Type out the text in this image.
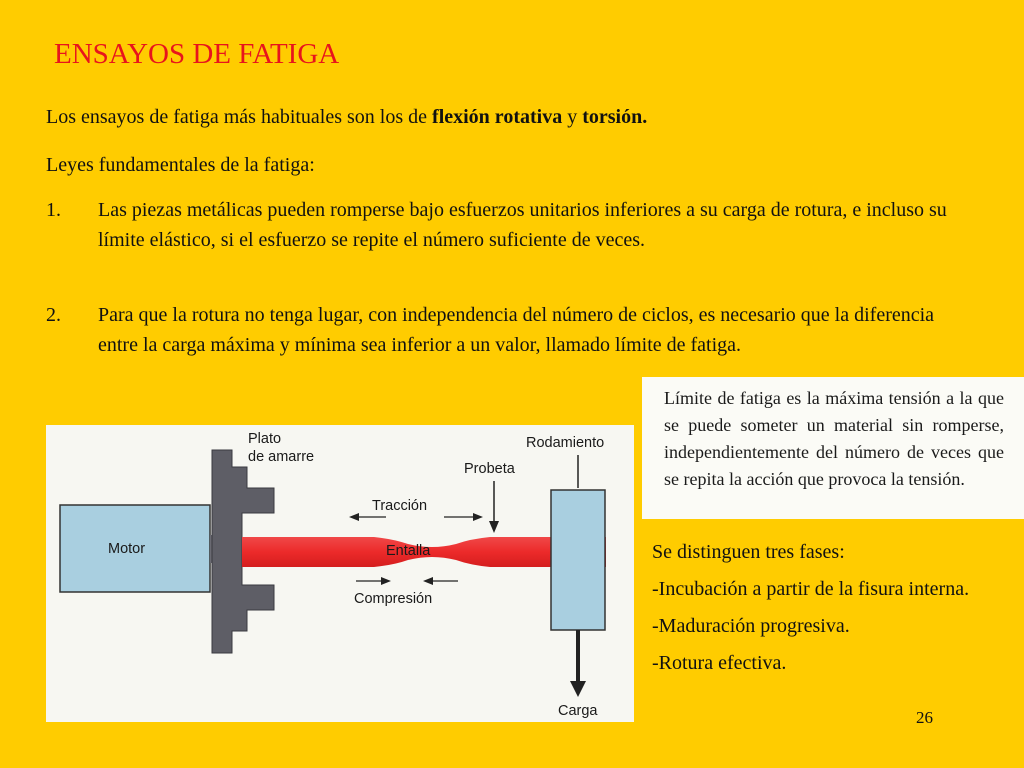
ENSAYOS DE FATIGA
Los ensayos de fatiga más habituales son los de flexión rotativa y torsión.
Leyes fundamentales de la fatiga:
1. Las piezas metálicas pueden romperse bajo esfuerzos unitarios inferiores a su carga de rotura, e incluso su límite elástico, si el esfuerzo se repite el número suficiente de veces.
2. Para que la rotura no tenga lugar, con independencia del número de ciclos, es necesario que la diferencia entre la carga máxima y mínima sea inferior a un valor, llamado límite de fatiga.
Límite de fatiga es la máxima tensión a la que se puede someter un material sin romperse, independientemente del número de veces que se repita la acción que provoca la tensión.
Motor
Plato
de amarre
Entalla
Rodamiento
Probeta
Tracción
Compresión
Carga
Se distinguen tres fases:
-Incubación a partir de la fisura interna.
-Maduración progresiva.
-Rotura efectiva.
26
